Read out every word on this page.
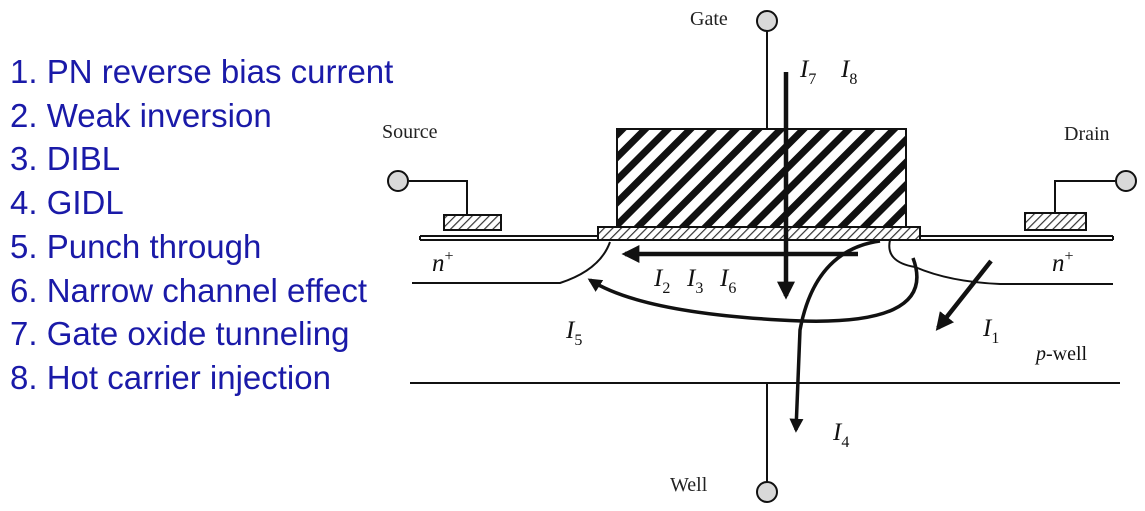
1. PN reverse bias current
2. Weak inversion
3. DIBL
4. GIDL
5. Punch through
6. Narrow channel effect
7. Gate oxide tunneling
8. Hot carrier injection
Gate
Source	Drain
n+	n+
p-well
Well
$I_7$ $I_8$
$I_2$ $I_3$ $I_6$
$I_5$
$I_4$
$I_1$
